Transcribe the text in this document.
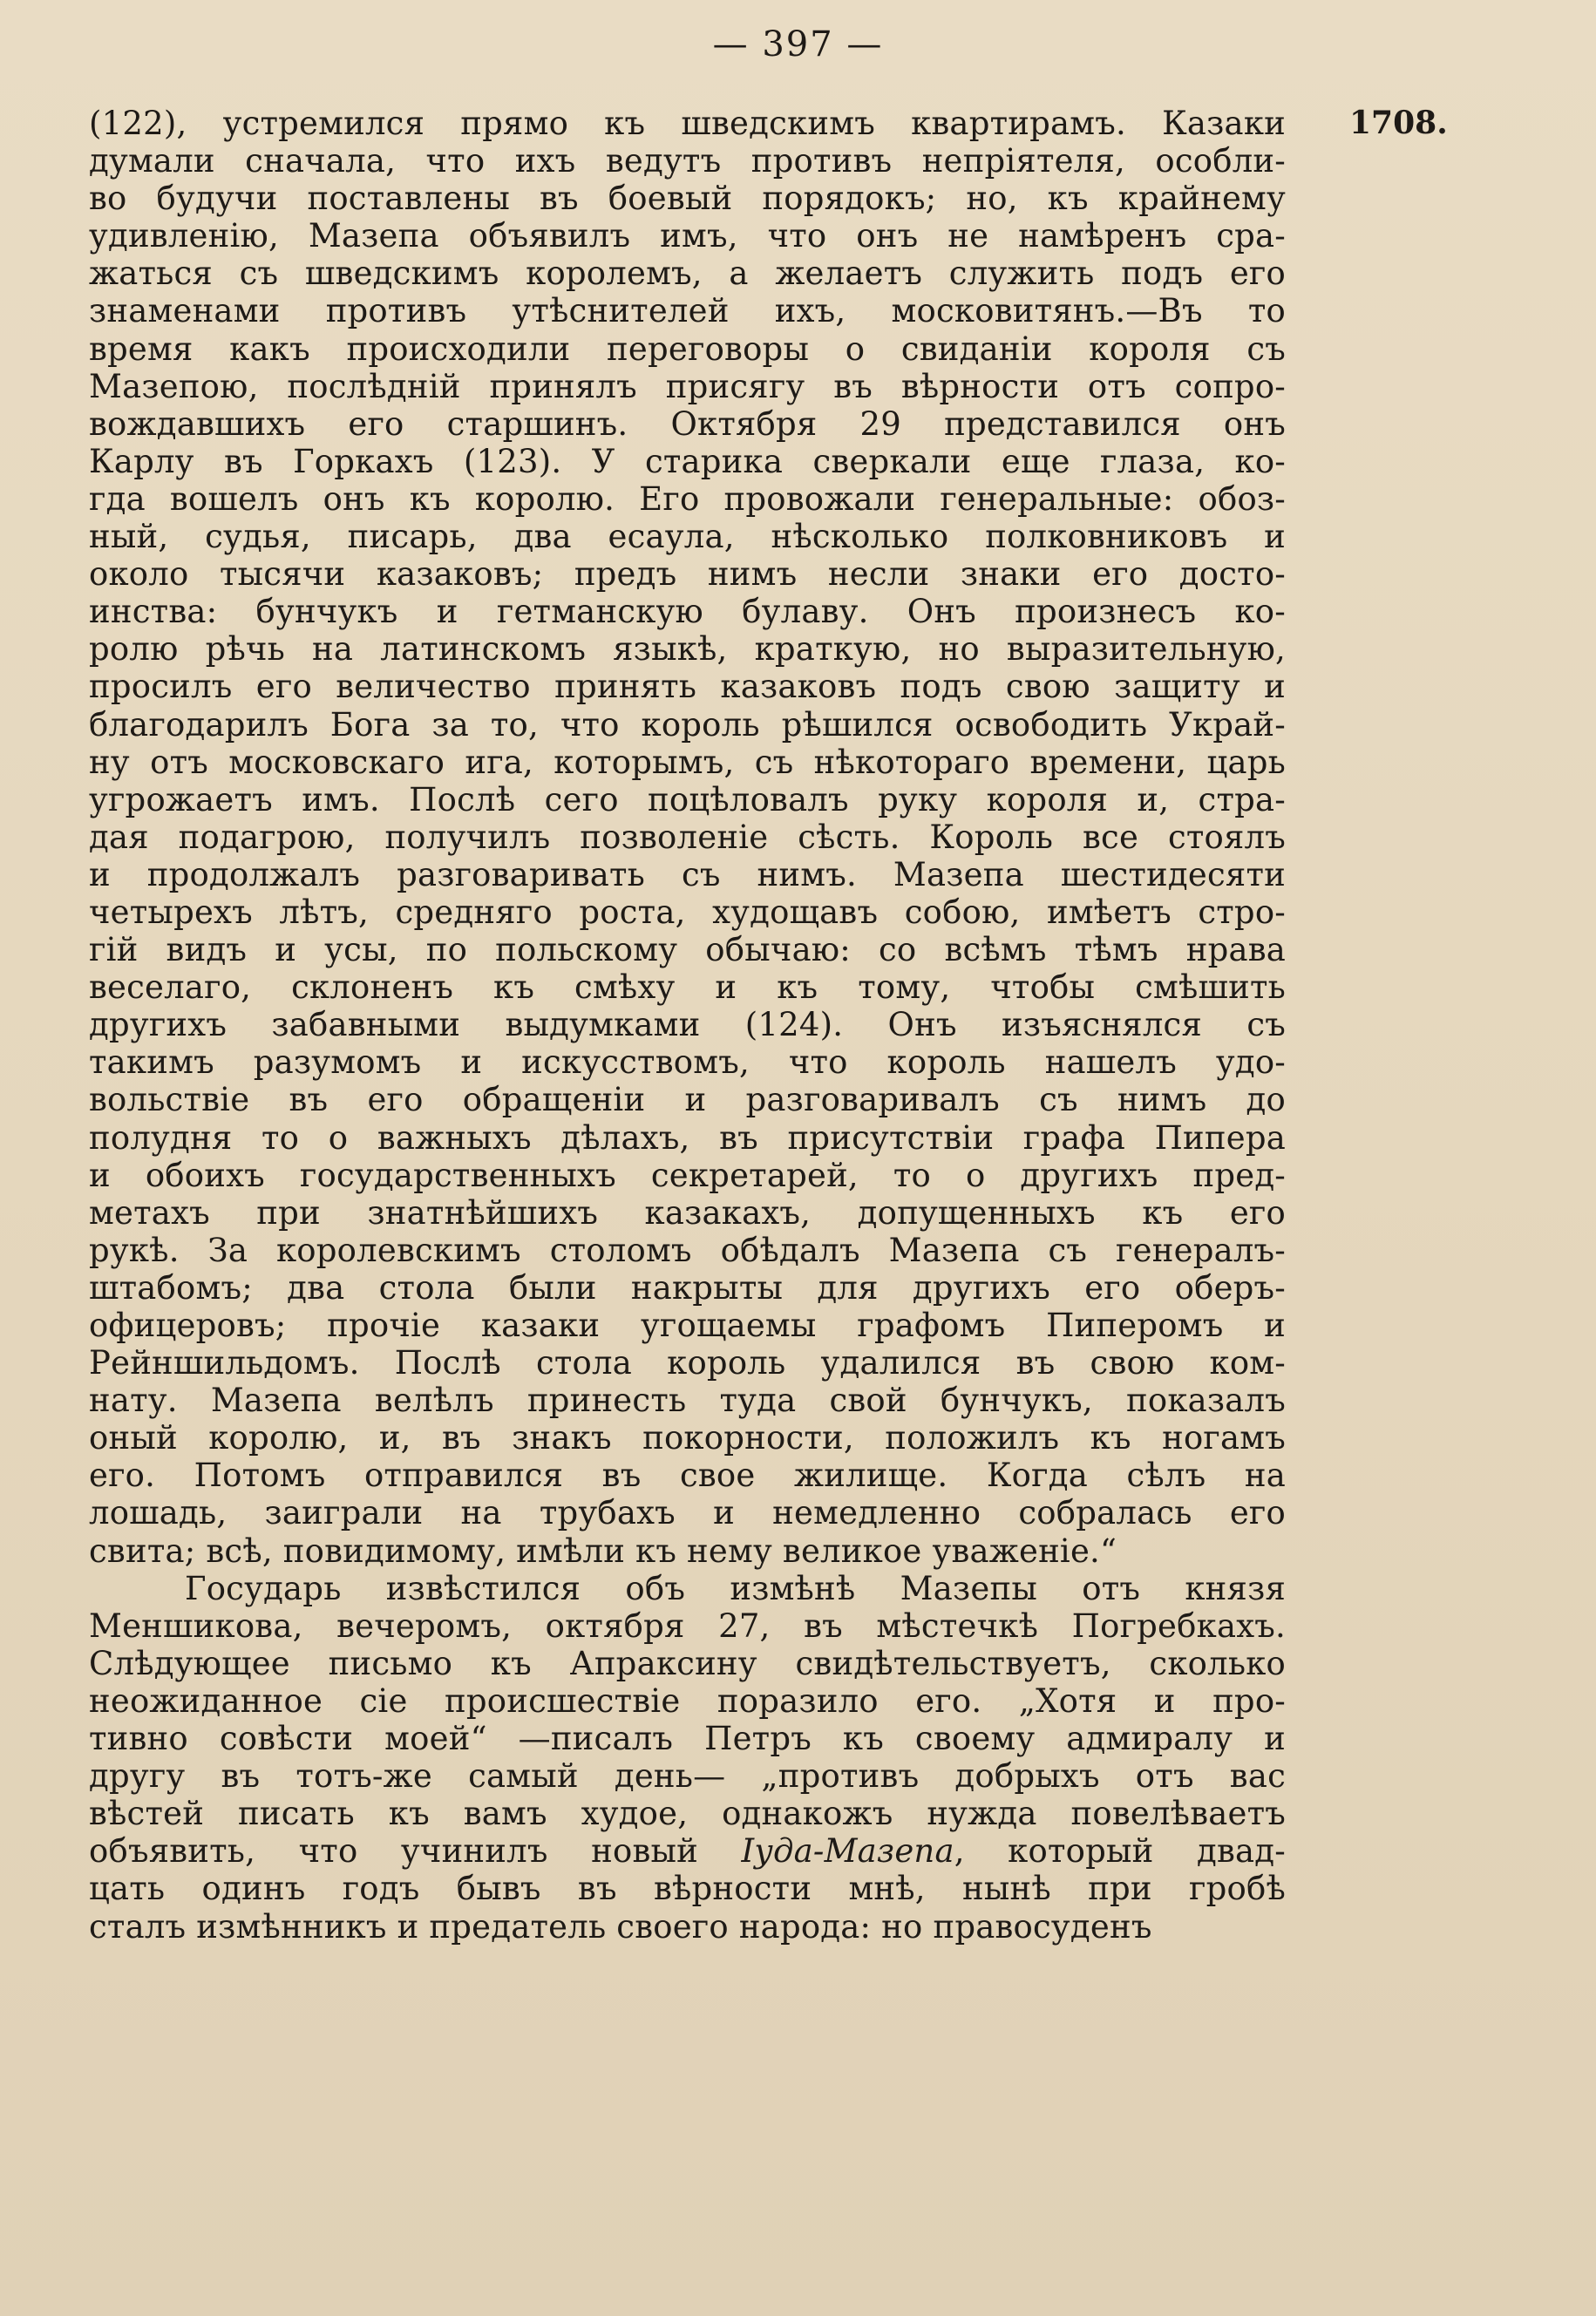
— 397 —
1708.
(122), устремился прямо къ шведскимъ квартирамъ. Казаки
думали сначала, что ихъ ведутъ противъ непріятеля, особли-
во будучи поставлены въ боевый порядокъ; но, къ крайнему
удивленію, Мазепа объявилъ имъ, что онъ не намѣренъ сра-
жаться съ шведскимъ королемъ, а желаетъ служить подъ его
знаменами противъ утѣснителей ихъ, московитянъ.—Въ то
время какъ происходили переговоры о свиданіи короля съ
Мазепою, послѣдній принялъ присягу въ вѣрности отъ сопро-
вождавшихъ его старшинъ. Октября 29 представился онъ
Карлу въ Горкахъ (123). У старика сверкали еще глаза, ко-
гда вошелъ онъ къ королю. Его провожали генеральные: обоз-
ный, судья, писарь, два есаула, нѣсколько полковниковъ и
около тысячи казаковъ; предъ нимъ несли знаки его досто-
инства: бунчукъ и гетманскую булаву. Онъ произнесъ ко-
ролю рѣчь на латинскомъ языкѣ, краткую, но выразительную,
просилъ его величество принять казаковъ подъ свою защиту и
благодарилъ Бога за то, что король рѣшился освободить Украй-
ну отъ московскаго ига, которымъ, съ нѣкотораго времени, царь
угрожаетъ имъ. Послѣ сего поцѣловалъ руку короля и, стра-
дая подагрою, получилъ позволеніе сѣсть. Король все стоялъ
и продолжалъ разговаривать съ нимъ. Мазепа шестидесяти
четырехъ лѣтъ, средняго роста, худощавъ собою, имѣетъ стро-
гій видъ и усы, по польскому обычаю: со всѣмъ тѣмъ нрава
веселаго, склоненъ къ смѣху и къ тому, чтобы смѣшить
другихъ забавными выдумками (124). Онъ изъяснялся съ
такимъ разумомъ и искусствомъ, что король нашелъ удо-
вольствіе въ его обращеніи и разговаривалъ съ нимъ до
полудня то о важныхъ дѣлахъ, въ присутствіи графа Пипера
и обоихъ государственныхъ секретарей, то о другихъ пред-
метахъ при знатнѣйшихъ казакахъ, допущенныхъ къ его
рукѣ. За королевскимъ столомъ обѣдалъ Мазепа съ генералъ-
штабомъ; два стола были накрыты для другихъ его оберъ-
офицеровъ; прочіе казаки угощаемы графомъ Пиперомъ и
Рейншильдомъ. Послѣ стола король удалился въ свою ком-
нату. Мазепа велѣлъ принесть туда свой бунчукъ, показалъ
оный королю, и, въ знакъ покорности, положилъ къ ногамъ
его. Потомъ отправился въ свое жилище. Когда сѣлъ на
лошадь, заиграли на трубахъ и немедленно собралась его
свита; всѣ, повидимому, имѣли къ нему великое уваженіе.“
Государь извѣстился объ измѣнѣ Мазепы отъ князя
Меншикова, вечеромъ, октября 27, въ мѣстечкѣ Погребкахъ.
Слѣдующее письмо къ Апраксину свидѣтельствуетъ, сколько
неожиданное сіе происшествіе поразило его. „Хотя и про-
тивно совѣсти моей“ —писалъ Петръ къ своему адмиралу и
другу въ тотъ-же самый день— „противъ добрыхъ отъ вас
вѣстей писать къ вамъ худое, однакожъ нужда повелѣваетъ
объявить, что учинилъ новый Іуда-Мазепа, который двад-
цать одинъ годъ бывъ въ вѣрности мнѣ, нынѣ при гробѣ
сталъ измѣнникъ и предатель своего народа: но правосуденъ
